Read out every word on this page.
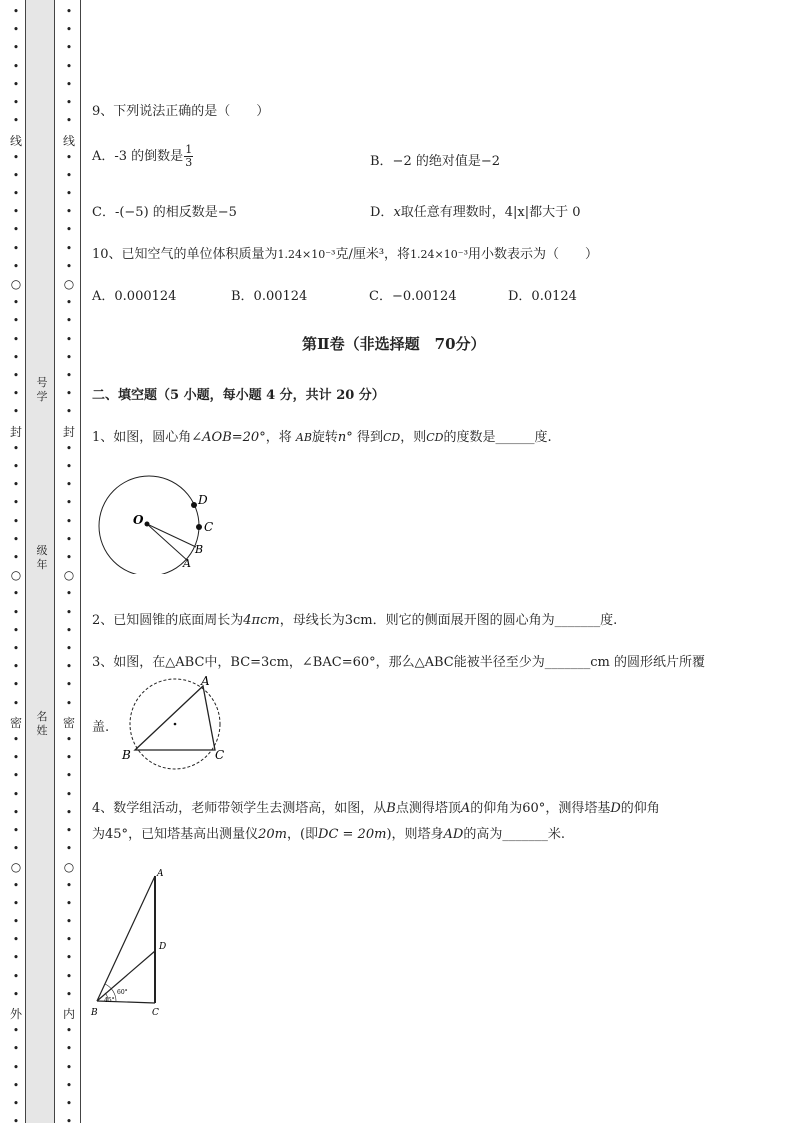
•
•
•
•
•
•
•
•
•
•
•
•
•
•
•
•
•
•
•
•
•
•
•
•
•
•
•
•
•
•
•
•
•
•
•
•
•
•
•
•
•
•
•
•
•
•
•
•
•
•
•
•
•
•
•
•
•
•
•
•
•
•
•
•
•
•
•
•
•
•
•
•
•
•
•
•
•
•
•
•
•
•
•
•
•
•
•
•
•
•
•
•
•
•
•
•
•
•
•
•
•
•
•
•
•
•
•
•
•
•
线
○
封
○
密
○
外
线
○
封
○
密
○
内
号
学
级
年
名
姓
9、下列说法正确的是（　　）
A．-3 的倒数是 $\frac{1}{3}$	B．−2 的绝对值是−2
C．-(−5) 的相反数是−5	D．x取任意有理数时，4|x|都大于 0
10、已知空气的单位体积质量为1.24×10⁻³克/厘米³，将1.24×10⁻³用小数表示为（　　）
A．0.000124	B．0.00124	C．−0.00124	D．0.0124
第Ⅱ卷（非选择题　70分）
二、填空题（5 小题，每小题 4 分，共计 20 分）
1、如图，圆心角∠AOB=20°，将 AB旋转n° 得到CD，则CD的度数是______度.
O
A
B
C
D
2、已知圆锥的底面周长为4πcm，母线长为3cm．则它的侧面展开图的圆心角为_______度.
3、如图，在△ABC中，BC=3cm，∠BAC=60°，那么△ABC能被半径至少为_______cm 的圆形纸片所覆
盖.
A
B	C
4、数学组活动，老师带领学生去测塔高，如图，从B点测得塔顶A的仰角为60°，测得塔基D的仰角
为45°，已知塔基高出测量仪20m，(即DC = 20m)，则塔身AD的高为_______米.
A
D
B	C
60°
45°
